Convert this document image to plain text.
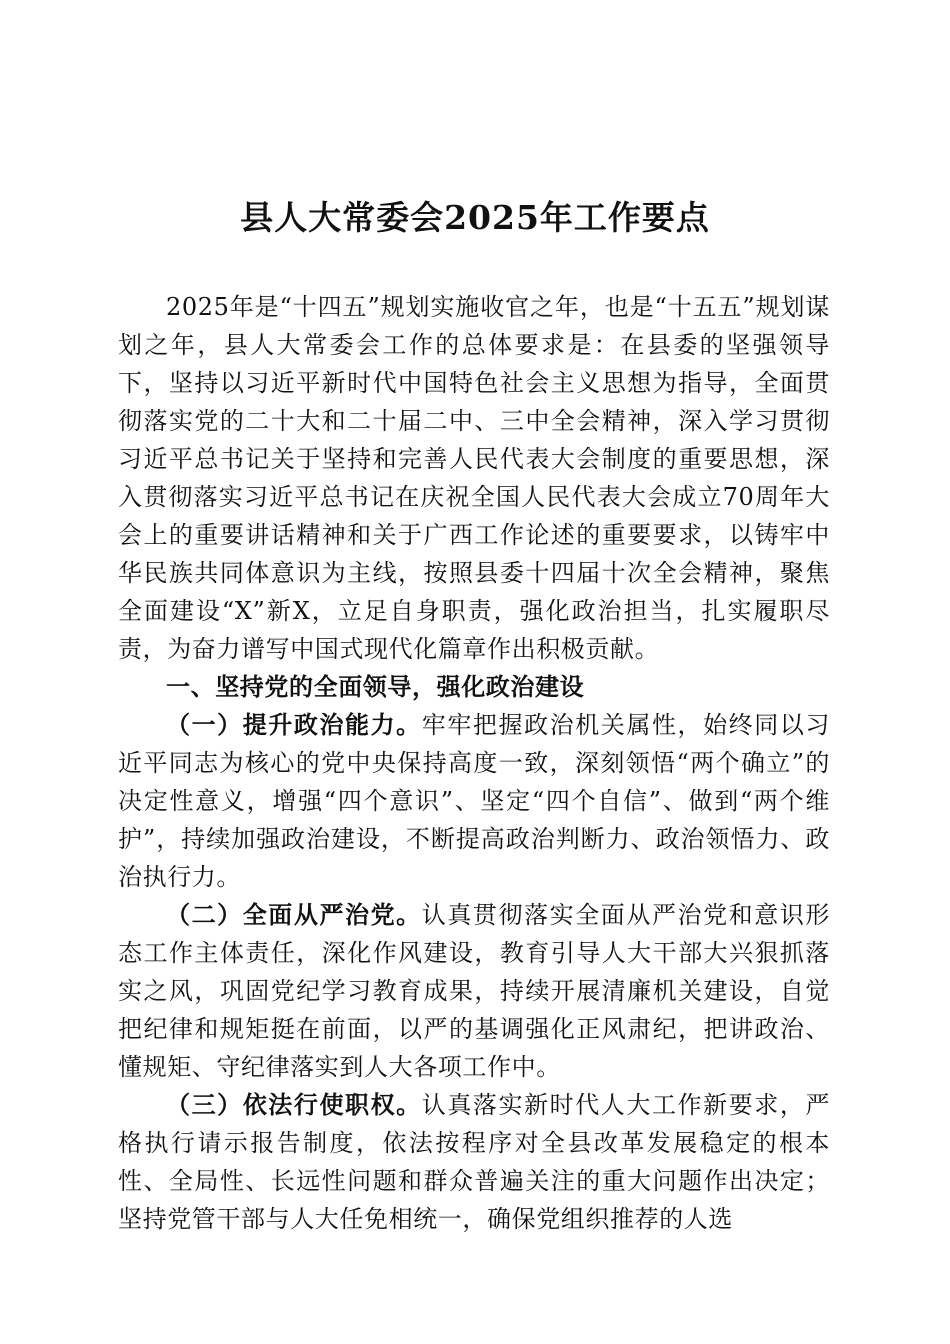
县人大常委会2025年工作要点

2025年是“十四五”规划实施收官之年，也是“十五五”规划谋划之年，县人大常委会工作的总体要求是：在县委的坚强领导下，坚持以习近平新时代中国特色社会主义思想为指导，全面贯彻落实党的二十大和二十届二中、三中全会精神，深入学习贯彻习近平总书记关于坚持和完善人民代表大会制度的重要思想，深入贯彻落实习近平总书记在庆祝全国人民代表大会成立70周年大会上的重要讲话精神和关于广西工作论述的重要要求，以铸牢中华民族共同体意识为主线，按照县委十四届十次全会精神，聚焦全面建设“X”新X，立足自身职责，强化政治担当，扎实履职尽责，为奋力谱写中国式现代化篇章作出积极贡献。

一、坚持党的全面领导，强化政治建设

（一）提升政治能力。牢牢把握政治机关属性，始终同以习近平同志为核心的党中央保持高度一致，深刻领悟“两个确立”的决定性意义，增强“四个意识”、坚定“四个自信”、做到“两个维护”，持续加强政治建设，不断提高政治判断力、政治领悟力、政治执行力。

（二）全面从严治党。认真贯彻落实全面从严治党和意识形态工作主体责任，深化作风建设，教育引导人大干部大兴狠抓落实之风，巩固党纪学习教育成果，持续开展清廉机关建设，自觉把纪律和规矩挺在前面，以严的基调强化正风肃纪，把讲政治、懂规矩、守纪律落实到人大各项工作中。

（三）依法行使职权。认真落实新时代人大工作新要求，严格执行请示报告制度，依法按程序对全县改革发展稳定的根本性、全局性、长远性问题和群众普遍关注的重大问题作出决定；坚持党管干部与人大任免相统一，确保党组织推荐的人选
